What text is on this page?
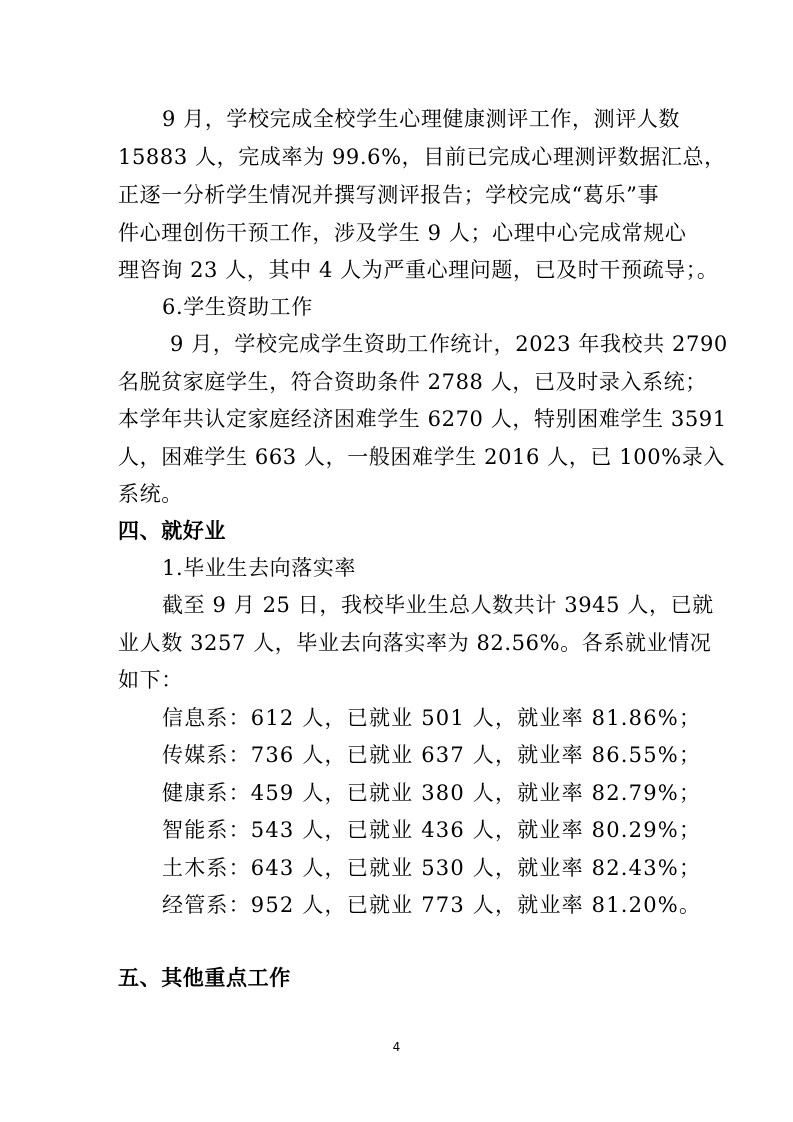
9 月，学校完成全校学生心理健康测评工作，测评人数
15883 人，完成率为 99.6%，目前已完成心理测评数据汇总，
正逐一分析学生情况并撰写测评报告；学校完成“葛乐”事
件心理创伤干预工作，涉及学生 9 人；心理中心完成常规心
理咨询 23 人，其中 4 人为严重心理问题，已及时干预疏导；。
6.学生资助工作
9 月，学校完成学生资助工作统计，2023 年我校共 2790
名脱贫家庭学生，符合资助条件 2788 人，已及时录入系统；
本学年共认定家庭经济困难学生 6270 人，特别困难学生 3591
人，困难学生 663 人，一般困难学生 2016 人，已 100%录入
系统。
四、就好业
1.毕业生去向落实率
截至 9 月 25 日，我校毕业生总人数共计 3945 人，已就
业人数 3257 人，毕业去向落实率为 82.56%。各系就业情况
如下：
信息系：612 人，已就业 501 人，就业率 81.86%；
传媒系：736 人，已就业 637 人，就业率 86.55%；
健康系：459 人，已就业 380 人，就业率 82.79%；
智能系：543 人，已就业 436 人，就业率 80.29%；
土木系：643 人，已就业 530 人，就业率 82.43%；
经管系：952 人，已就业 773 人，就业率 81.20%。
五、其他重点工作
4
